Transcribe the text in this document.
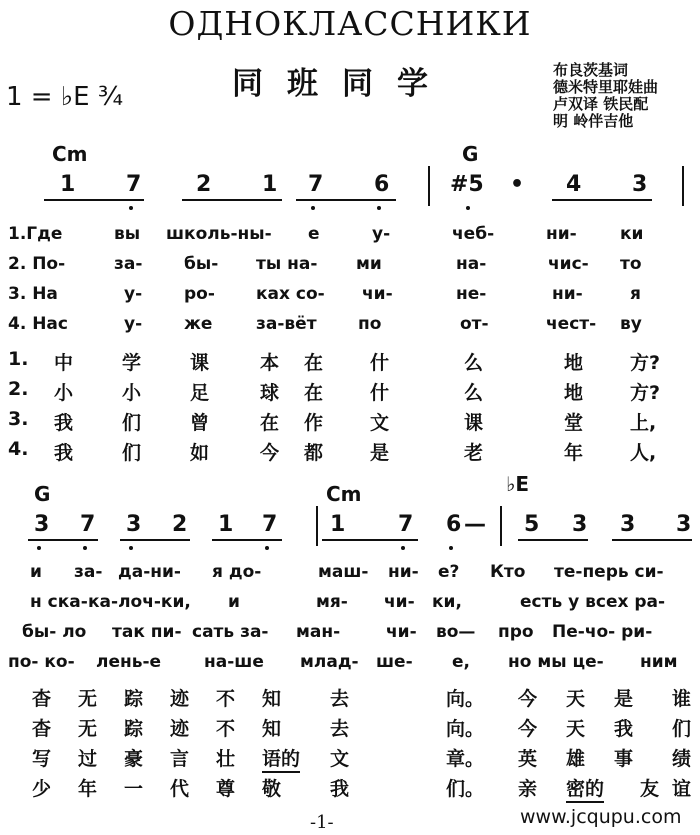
ОДНОКЛАССНИКИ
同班同学
1 = ♭E ¾
布良茨基词
德米特里耶娃曲
卢双译 铁民配
明 岭伴吉他
Cm	G
1 7 2 1 7 6	#5 • 4 3
1.Где	вы школь-ны- е	у-	чеб-	ни-	ки
2. По-	за- бы- ты на- ми	на-	чис- то
3. На	у- ро- ках со- чи-	не-	ни-	я
4. Нас	у- же	за-вёт по	от-	чест- ву
1. 中	学	课	本 在 什	么	地 方?
2. 小	小	足	球 在 什	么	地 方?
3. 我	们	曾	在 作 文	课	堂 上,
4. 我	们	如	今 都 是	老	年 人,
G	Cm	♭E
3 7 3 2 1 7 1 7 6 — 5 3 3 3
и за- да-ни- я до-	маш- ни- е? Кто те-перь си-
н ска- ка-лоч-ки, и	мя- чи- ки,	есть у всех ра-
бы- ло так пи- сать за- ман-	чи- во— про Пе-чо- ри-
по- ко- лень-е	на-ше млад- ше- е, но мы це- ним
杳 无 踪 迹 不 知	去	向。 今 天 是 谁
杳 无 踪 迹 不 知	去	向。 今 天 我 们
写 过 豪 言 壮 语的 文	章。 英 雄 事 绩
少 年 一 代 尊 敬	我	们。 亲 密的 友 谊
-1-	www.jcqupu.com
